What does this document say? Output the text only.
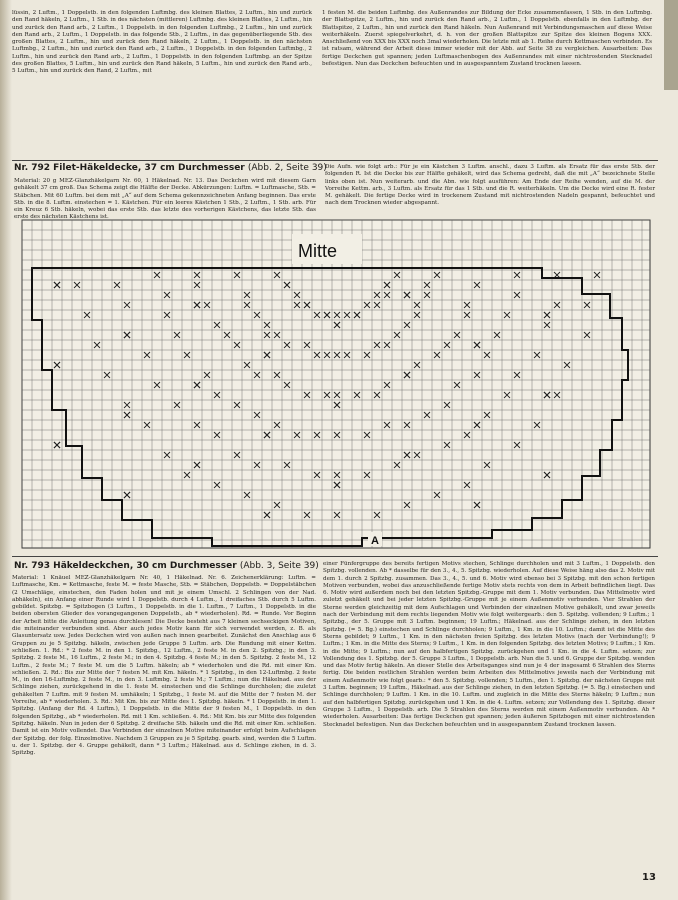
lüssin, 2 Luftm., 1 Doppelstb. in den folgenden Luftmbg. des kleinen Blattes, 2 Luftm., hin und zurück den Rand häkeln, 2 Luftm., 1 Stb. in des nächsten (mittleren) Luftmbg. des kleinen Blattes, 2 Luftm., hin und zurück den Rand arb., 2 Luftm., 1 Doppelstb. in den folgenden Luftmbg., 2 Luftm., hin und zurück den Rand arb., 2 Luftm., 1 Doppelstb. in das folgende Stb., 2 Luftm., in das gegenüberliegende Stb. des großen Blattes, 2 Luftm., hin und zurück den Rand häkeln, 2 Luftm., 1 Doppelstb. in den nächsten Luftmbg., 2 Luftm., hin und zurück den Rand arb., 2 Luftm., 1 Doppelstb. in den folgenden Luftmbg., 2 Luftm., hin und zurück den Rand arb., 2 Luftm., 1 Doppelstb. in den folgenden Luftmbg. an der Spitze des großen Blattes, 5 Luftm., hin und zurück den Rand häkeln, 5 Luftm., hin und zurück den Rand arb., 5 Luftm., hin und zurück den Rand, 2 Luftm., mit
1 festen M. die beiden Luftmbg. des Außenrandes zur Bildung der Ecke zusammenfassen, 1 Stb. in den Luftmbg. der Blattspitze, 2 Luftm., hin und zurück den Rand arb., 2 Luftm., 1 Doppelstb. ebenfalls in den Luftmbg. der Blattspitze, 2 Luftm., hin und zurück den Rand häkeln. Nun Außenrand mit Verbindungsmaschen auf diese Weise weiterhäkeln. Zuerst spiegelverkehrt, d. h. von der großen Blattspitze zur Spitze des kleinen Bogens XXX. Anschließend von XXX bis XXX noch 3mal wiederholen. Die letzte mit ab 1. Reihe durch Kettmaschen verbinden. Es ist ratsam, während der Arbeit diese immer wieder mit der Abb. auf Seite 38 zu vergleichen. Ausarbeiten: Das fertige Deckchen gut spannen; jeden Luftmaschenbogen des Außenrandes mit einer nichtrostenden Stecknadel befestigen. Nun das Deckchen befeuchten und in ausgespanntem Zustand trocknen lassen.
Nr. 792 Filet-Häkeldecke, 37 cm Durchmesser (Abb. 2, Seite 39)
Material: 20 g MEZ-Glanzhäkelgarn Nr. 60, 1 Häkelnad. Nr. 13. Das Deckchen wird mit diesem Garn gehäkelt 37 cm groß. Das Schema zeigt die Hälfte der Decke. Abkürzungen: Luftm. = Luftmasche, Stb. = Stäbchen. Mit 60 Luftm. bei dem mit „A“ auf dem Schema gekennzeichneten Anfang beginnen. Das erste Stb. in die 8. Luftm. einstechen = 1. Kästchen. Für ein leeres Kästchen 1 Stb., 2 Luftm., 1 Stb. arb. Für ein Kreuz 6 Stb. häkeln, wobei das erste Stb. das letzte des vorherigen Kästchens, das letzte Stb. das erste des nächsten Kästchens ist.
Die Aufn. wie folgt arb.: Für je ein Kästchen 3 Luftm. anschl., dazu 3 Luftm. als Ersatz für das erste Stb. der folgenden R. Ist die Decke bis zur Hälfte gehäkelt, wird das Schema gedreht, daß die mit „A“ bezeichnete Stelle links oben ist. Nun weiterarb. und die Abn. wie folgt ausführen: Am Ende der Reihe wenden, auf die M. der Vorreihe Kettm. arb., 3 Luftm. als Ersatz für das 1 Stb. und die R. weiterhäkeln. Um die Decke wird eine R. fester M. gehäkelt. Die fertige Decke wird in trockenem Zustand mit nichtrostenden Nadeln gespannt, befeuchtet und nach dem Trocknen wieder abgespannt.
Mitte
A
Nr. 793 Häkeldeckchen, 30 cm Durchmesser (Abb. 3, Seite 39)
Material: 1 Knäuel MEZ-Glanzhäkelgarn Nr. 40, 1 Häkelnad. Nr. 6. Zeichenerklärung: Luftm. = Luftmasche, Km. = Kettmasche, feste M. = feste Masche, Stb. = Stäbchen, Doppelstb. = Doppelstäbchen (2 Umschläge, einstechen, den Faden holen und mit je einem Umschl. 2 Schlingen von der Nad. abhäkeln), ein Anfang einer Runde wird 1 Doppelstb. durch 4 Luftm., 1 dreifaches Stb. durch 5 Luftm. gebildet. Spitzbg. = Spitzbogen (3 Luftm., 1 Doppelstb. in die 1. Luftm., 7 Luftm., 1 Doppelstb. in die beiden obersten Glieder des vorangegangenen Doppelstb., ab * wiederholen). Rd. = Runde. Vor Beginn der Arbeit bitte die Anleitung genau durchlesen! Die Decke besteht aus 7 kleinen sechseckigen Motiven, die miteinander verbunden sind. Aber auch jedes Motiv kann für sich verwendet werden, z. B. als Glasuntersatz usw. Jedes Deckchen wird von außen nach innen gearbeitet. Zunächst den Anschlag aus 6 Gruppen zu je 5 Spitzbg. häkeln, zwischen jede Gruppe 5 Luftm. arb. Die Rundung mit einer Kettm. schließen. 1. Rd.: * 2 feste M. in den 1. Spitzbg., 12 Luftm., 2 feste M. in den 2. Spitzbg.; in den 3. Spitzbg. 2 feste M., 16 Luftm., 2 feste M.; in den 4. Spitzbg. 4 feste M.; in den 5. Spitzbg. 2 feste M., 12 Luftm., 2 feste M.; 7 feste M. um die 5 Luftm. häkeln; ab * wiederholen und die Rd. mit einer Km. schließen. 2. Rd.: Bis zur Mitte der 7 festen M. mit Km. häkeln. * 1 Spitzbg., in den 12-Luftmbg. 2 feste M., in den 16-Luftmbg. 2 feste M., in den 3. Luftmbg. 2 feste M.; 7 Luftm.; nun die Häkelnad. aus der Schlinge ziehen, zurückgehend in die 1. feste M. einstechen und die Schlinge durchholen; die zuletzt gehäkelten 7 Luftm. mit 9 festen M. umhäkeln; 1 Spitzbg., 1 feste M. auf die Mitte der 7 festen M. der Vorreihe, ab * wiederholen. 3. Rd.: Mit Km. bis zur Mitte des 1. Spitzbg. häkeln. * 1 Doppelstb. in den 1. Spitzbg. (Anfang der Rd. 4 Luftm.), 1 Doppelstb. in die Mitte der 9 festen M., 1 Doppelstb. in den folgenden Spitzbg., ab * wiederholen. Rd. mit 1 Km. schließen. 4. Rd.: Mit Km. bis zur Mitte des folgenden Spitzbg. häkeln. Nun in jeden der 6 Spitzbg. 2 dreifache Stb. häkeln und die Rd. mit einer Km. schließen. Damit ist ein Motiv vollendet. Das Verbinden der einzelnen Motive miteinander erfolgt beim Aufschlagen der Spitzbg. der folg. Einzelmotive. Nachdem 3 Gruppen zu je 5 Spitzbg. gearb. sind, werden die 5 Luftm. u. der 1. Spitzbg. der 4. Gruppe gehäkelt, dann * 3 Luftm.; Häkelnad. aus d. Schlinge ziehen, in d. 3. Spitzbg.
einer Fünfergruppe des bereits fertigen Motivs stechen, Schlinge durchholen und mit 3 Luftm., 1 Doppelstb. den Spitzbg. vollenden. Ab * dasselbe für den 3., 4., 5. Spitzbg. wiederholen. Auf diese Weise häng also das 2. Motiv mit dem 1. durch 2 Spitzbg. zusammen. Das 3., 4., 5. und 6. Motiv wird ebenso bei 3 Spitzbg. mit den schon fertigen Motiven verbunden, wobei das anzuschließende fertige Motiv stets rechts von dem in Arbeit befindlichen liegt. Das 6. Motiv wird außerdem noch bei den letzten Spitzbg.-Gruppe mit dem 1. Motiv verbunden. Das Mittelmotiv wird zuletzt gehäkelt und bei jeder letzten Spitzbg.-Gruppe mit je einem Außenmotiv verbunden. Vier Strahlen der Sterne werden gleichzeitig mit dem Aufschlagen und Verbinden der einzelnen Motive gehäkelt, und zwar jeweils nach der Verbindung mit dem rechts liegenden Motiv wie folgt weitergearb.: den 5. Spitzbg. vollenden; 9 Luftm.; 1 Spitzbg., der 5. Gruppe mit 3 Luftm. beginnen; 19 Luftm.; Häkelnad. aus der Schlinge ziehen, in den letzten Spitzbg. (= 5. Bg.) einstechen und Schlinge durchholen; 9 Luftm., 1 Km. in die 10. Luftm.; damit ist die Mitte des Sterns gebildet; 9 Luftm., 1 Km. in den nächsten freien Spitzbg. des letzten Motivs (nach der Verbindung!); 9 Luftm.; 1 Km. in die Mitte des Sterns; 9 Luftm., 1 Km. in den folgenden Spitzbg. des letzten Motivs; 9 Luftm.; 1 Km. in die Mitte; 9 Luftm.; nun auf den halbfertigen Spitzbg. zurückgehen und 1 Km. in die 4. Luftm. setzen; zur Vollendung des 1. Spitzbg. der 5. Gruppe 3 Luftm., 1 Doppelstb. arb. Nun die 5. und 6. Gruppe der Spitzbg. wenden und das Motiv fertig häkeln. An dieser Stelle des Arbeitsganges sind nun je 4 der insgesamt 6 Strahlen des Sterns fertig. Die beiden restlichen Strahlen werden beim Arbeiten des Mittelmotivs jeweils nach der Verbindung mit einem Außenmotiv wie folgt gearb.: * den 5. Spitzbg. vollenden; 5 Luftm., den 1. Spitzbg. der nächsten Gruppe mit 3 Luftm. beginnen; 19 Luftm., Häkelnad. aus der Schlinge ziehen, in den letzten Spitzbg. (= 5. Bg.) einstechen und Schlinge durchholen; 9 Luftm. 1 Km. in die 10. Luftm. und zugleich in die Mitte des Sterns häkeln; 9 Luftm.; nun auf den halbfertigen Spitzbg. zurückgehen und 1 Km. in die 4. Luftm. setzen; zur Vollendung des 1. Spitzbg. dieser Gruppe 3 Luftm., 1 Doppelstb. arb. Die 5 Strahlen des Sterns werden mit einem Außenmotiv verbunden. Ab * wiederholen. Ausarbeiten: Das fertige Deckchen gut spannen; jeden äußeren Spitzbogen mit einer nichtrostenden Stecknadel befestigen. Nun das Deckchen befeuchten und in ausgespanntem Zustand trocknen lassen.
13
